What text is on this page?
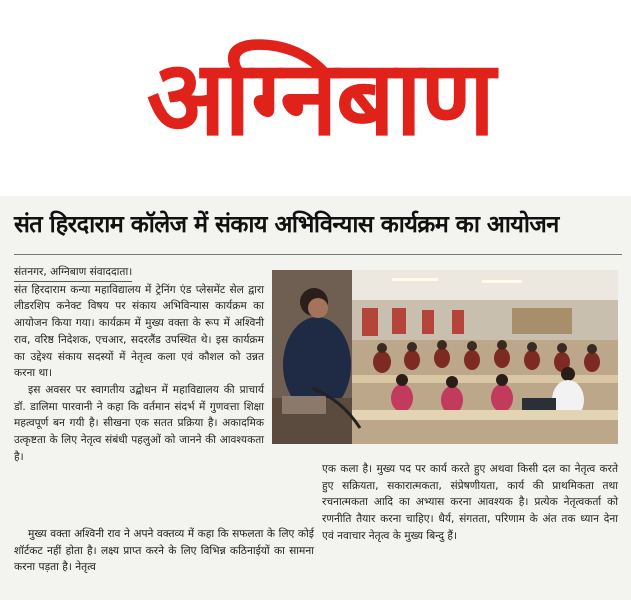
अग्निबाण
संत हिरदाराम कॉलेज में संकाय अभिविन्यास कार्यक्रम का आयोजन

संतनगर, अग्निबाण संवाददाता।
संत हिरदाराम कन्या महाविद्यालय में ट्रेनिंग एंड प्लेसमेंट सेल द्वारा लीडरशिप कनेक्ट विषय पर संकाय अभिविन्यास कार्यक्रम का आयोजन किया गया। कार्यक्रम में मुख्य वक्ता के रूप में अश्विनी राव, वरिष्ठ निदेशक, एचआर, सदरलैंड उपस्थित थे। इस कार्यक्रम का उद्देश्य संकाय सदस्यों में नेतृत्व कला एवं कौशल को उन्नत करना था।

इस अवसर पर स्वागतीय उद्बोधन में महाविद्यालय की प्राचार्य डॉ. डालिमा पारवानी ने कहा कि वर्तमान संदर्भ में गुणवत्ता शिक्षा महत्वपूर्ण बन गयी है। सीखना एक सतत प्रक्रिया है। अकादमिक उत्कृष्टता के लिए नेतृत्व संबंधी पहलुओं को जानने की आवश्यकता है।

मुख्य वक्ता अश्विनी राव ने अपने वक्तव्य में कहा कि सफलता के लिए कोई शॉर्टकट नहीं होता है। लक्ष्य प्राप्त करने के लिए विभिन्न कठिनाईयों का सामना करना पड़ता है। नेतृत्व

एक कला है। मुख्य पद पर कार्य करते हुए अथवा किसी दल का नेतृत्व करते हुए सक्रियता, सकारात्मकता, संप्रेषणीयता, कार्य की प्राथमिकता तथा रचनात्मकता आदि का अभ्यास करना आवश्यक है। प्रत्येक नेतृत्वकर्ता को रणनीति तैयार करना चाहिए। धैर्य, संगतता, परिणाम के अंत तक ध्यान देना एवं नवाचार नेतृत्व के मुख्य बिन्दु हैं।
